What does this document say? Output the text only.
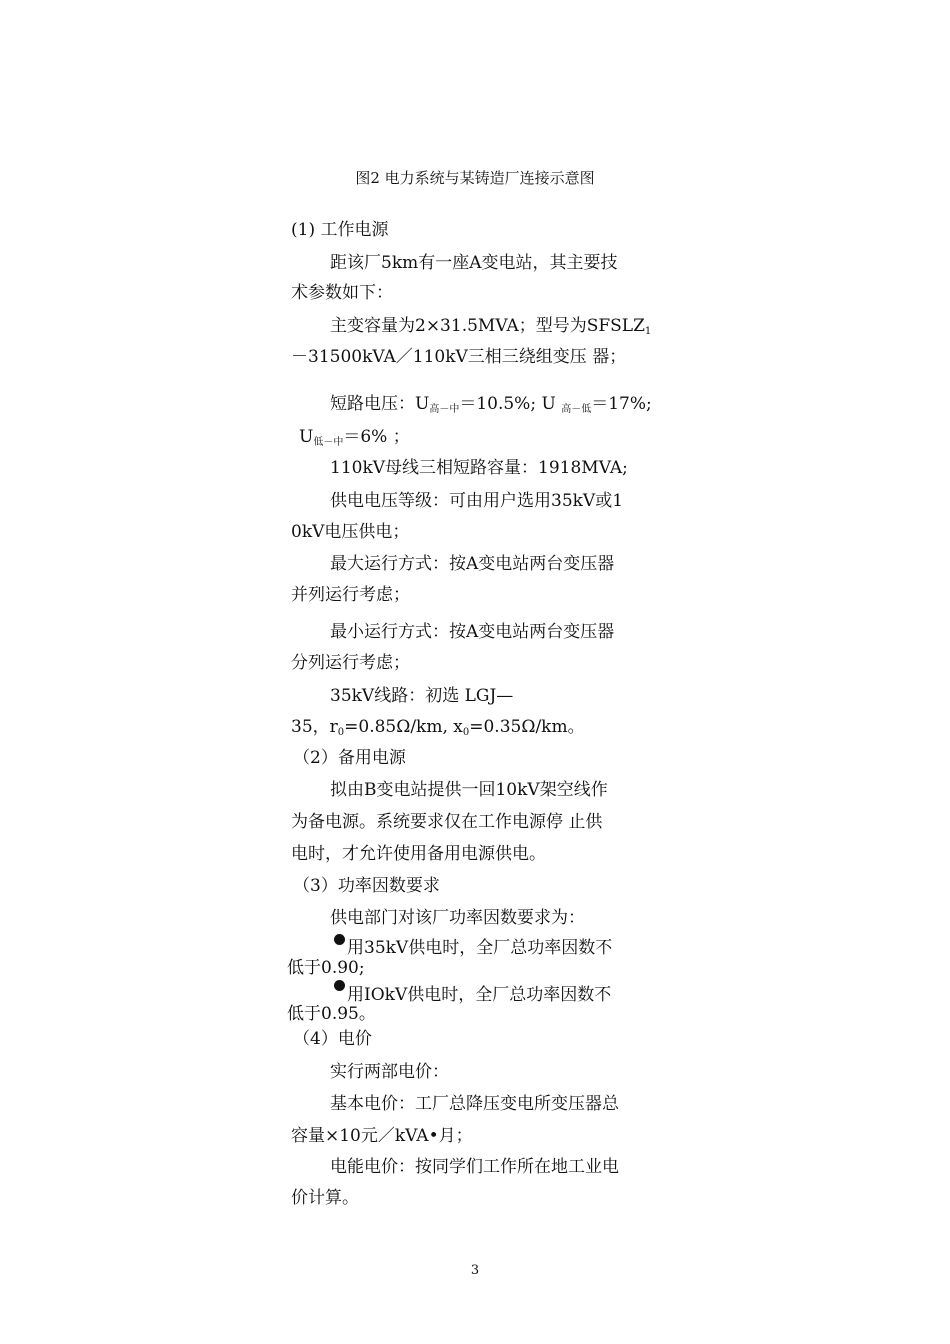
图2 电力系统与某铸造厂连接示意图
(1) 工作电源
距该厂5km有一座A变电站，其主要技
术参数如下：
主变容量为2×31.5MVA；型号为$SFSLZ_1$
－31500kVA／110kV三相三绕组变压 器；
短路电压：$U_{高-中}=10.5\%$; U $_{高-低}$＝17%;
$U_{低-中}=6\%$ ；
110kV母线三相短路容量：1918MVA;
供电电压等级：可由用户选用35kV或1
0kV电压供电；
最大运行方式：按A变电站两台变压器
并列运行考虑；
最小运行方式：按A变电站两台变压器
分列运行考虑；
35kV线路：初选 LGJ—
35，$r_0=0.85\Omega/km$, $x_0=0.35\Omega/km$。
（2）备用电源
拟由B变电站提供一回10kV架空线作
为备电源。系统要求仅在工作电源停 止供
电时，才允许使用备用电源供电。
（3）功率因数要求
供电部门对该厂功率因数要求为：
用35kV供电时，全厂总功率因数不
低于0.90;
用IOkV供电时，全厂总功率因数不
低于0.95。
（4）电价
实行两部电价：
基本电价：工厂总降压变电所变压器总
容量×10元／kVA•月；
电能电价：按同学们工作所在地工业电
价计算。
3
